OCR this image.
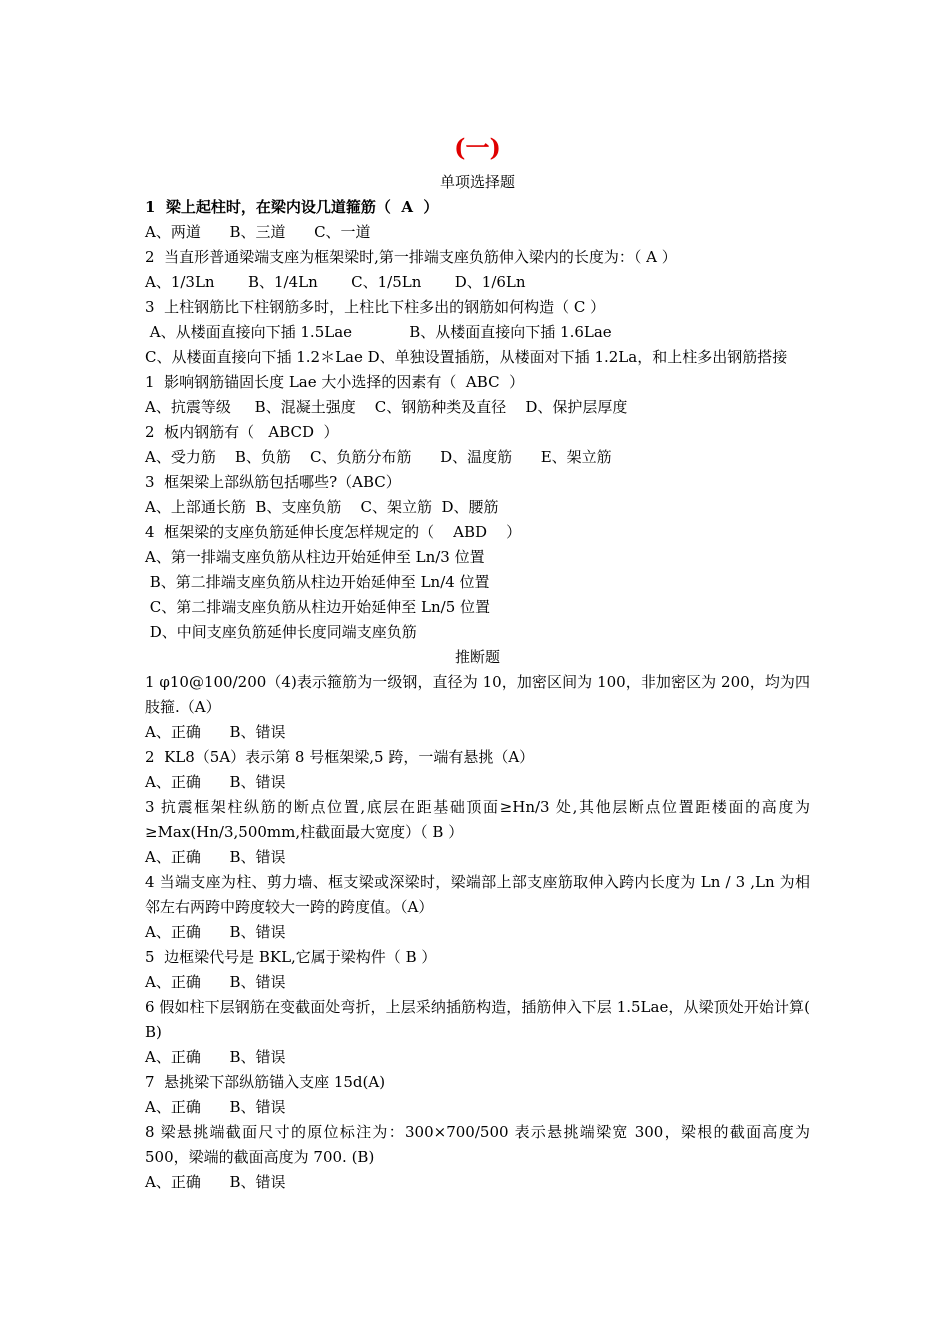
(一)
单项选择题
1  梁上起柱时，在梁内设几道箍筋（  A  ）
A、两道      B、三道      C、一道
2  当直形普通梁端支座为框架梁时,第一排端支座负筋伸入梁内的长度为：（ A ）
A、1/3Ln       B、1/4Ln       C、1/5Ln       D、1/6Ln
3  上柱钢筋比下柱钢筋多时，上柱比下柱多出的钢筋如何构造（ C ）
A、从楼面直接向下插 1.5Lae            B、从楼面直接向下插 1.6Lae
C、从楼面直接向下插 1.2＊Lae D、单独设置插筋，从楼面对下插 1.2La，和上柱多出钢筋搭接
1  影响钢筋锚固长度 Lae 大小选择的因素有（  ABC  ）
A、抗震等级     B、混凝土强度    C、钢筋种类及直径    D、保护层厚度
2  板内钢筋有（   ABCD  ）
A、受力筋    B、负筋    C、负筋分布筋      D、温度筋      E、架立筋
3  框架梁上部纵筋包括哪些?（ABC）
A、上部通长筋  B、支座负筋    C、架立筋  D、腰筋
4  框架梁的支座负筋延伸长度怎样规定的（    ABD    ）
A、第一排端支座负筋从柱边开始延伸至 Ln/3 位置
B、第二排端支座负筋从柱边开始延伸至 Ln/4 位置
C、第二排端支座负筋从柱边开始延伸至 Ln/5 位置
D、中间支座负筋延伸长度同端支座负筋
推断题
1 φ10@100/200（4)表示箍筋为一级钢，直径为 10，加密区间为 100，非加密区为 200，均为四肢箍.（A）
A、正确      B、错误
2  KL8（5A）表示第 8 号框架梁,5 跨，一端有悬挑（A）
A、正确      B、错误
3 抗震框架柱纵筋的断点位置,底层在距基础顶面≥Hn/3 处,其他层断点位置距楼面的高度为≥Max(Hn/3,500mm,柱截面最大宽度）（ B ）
A、正确      B、错误
4 当端支座为柱、剪力墙、框支梁或深梁时，梁端部上部支座筋取伸入跨内长度为 Ln / 3 ,Ln 为相邻左右两跨中跨度较大一跨的跨度值。（A）
A、正确      B、错误
5  边框梁代号是 BKL,它属于梁构件（ B ）
A、正确      B、错误
6 假如柱下层钢筋在变截面处弯折，上层采纳插筋构造，插筋伸入下层 1.5Lae，从梁顶处开始计算( B)
A、正确      B、错误
7  悬挑梁下部纵筋锚入支座 15d(A)
A、正确      B、错误
8 梁悬挑端截面尺寸的原位标注为：300×700/500 表示悬挑端梁宽 300，梁根的截面高度为 500，梁端的截面高度为 700. (B)
A、正确      B、错误
